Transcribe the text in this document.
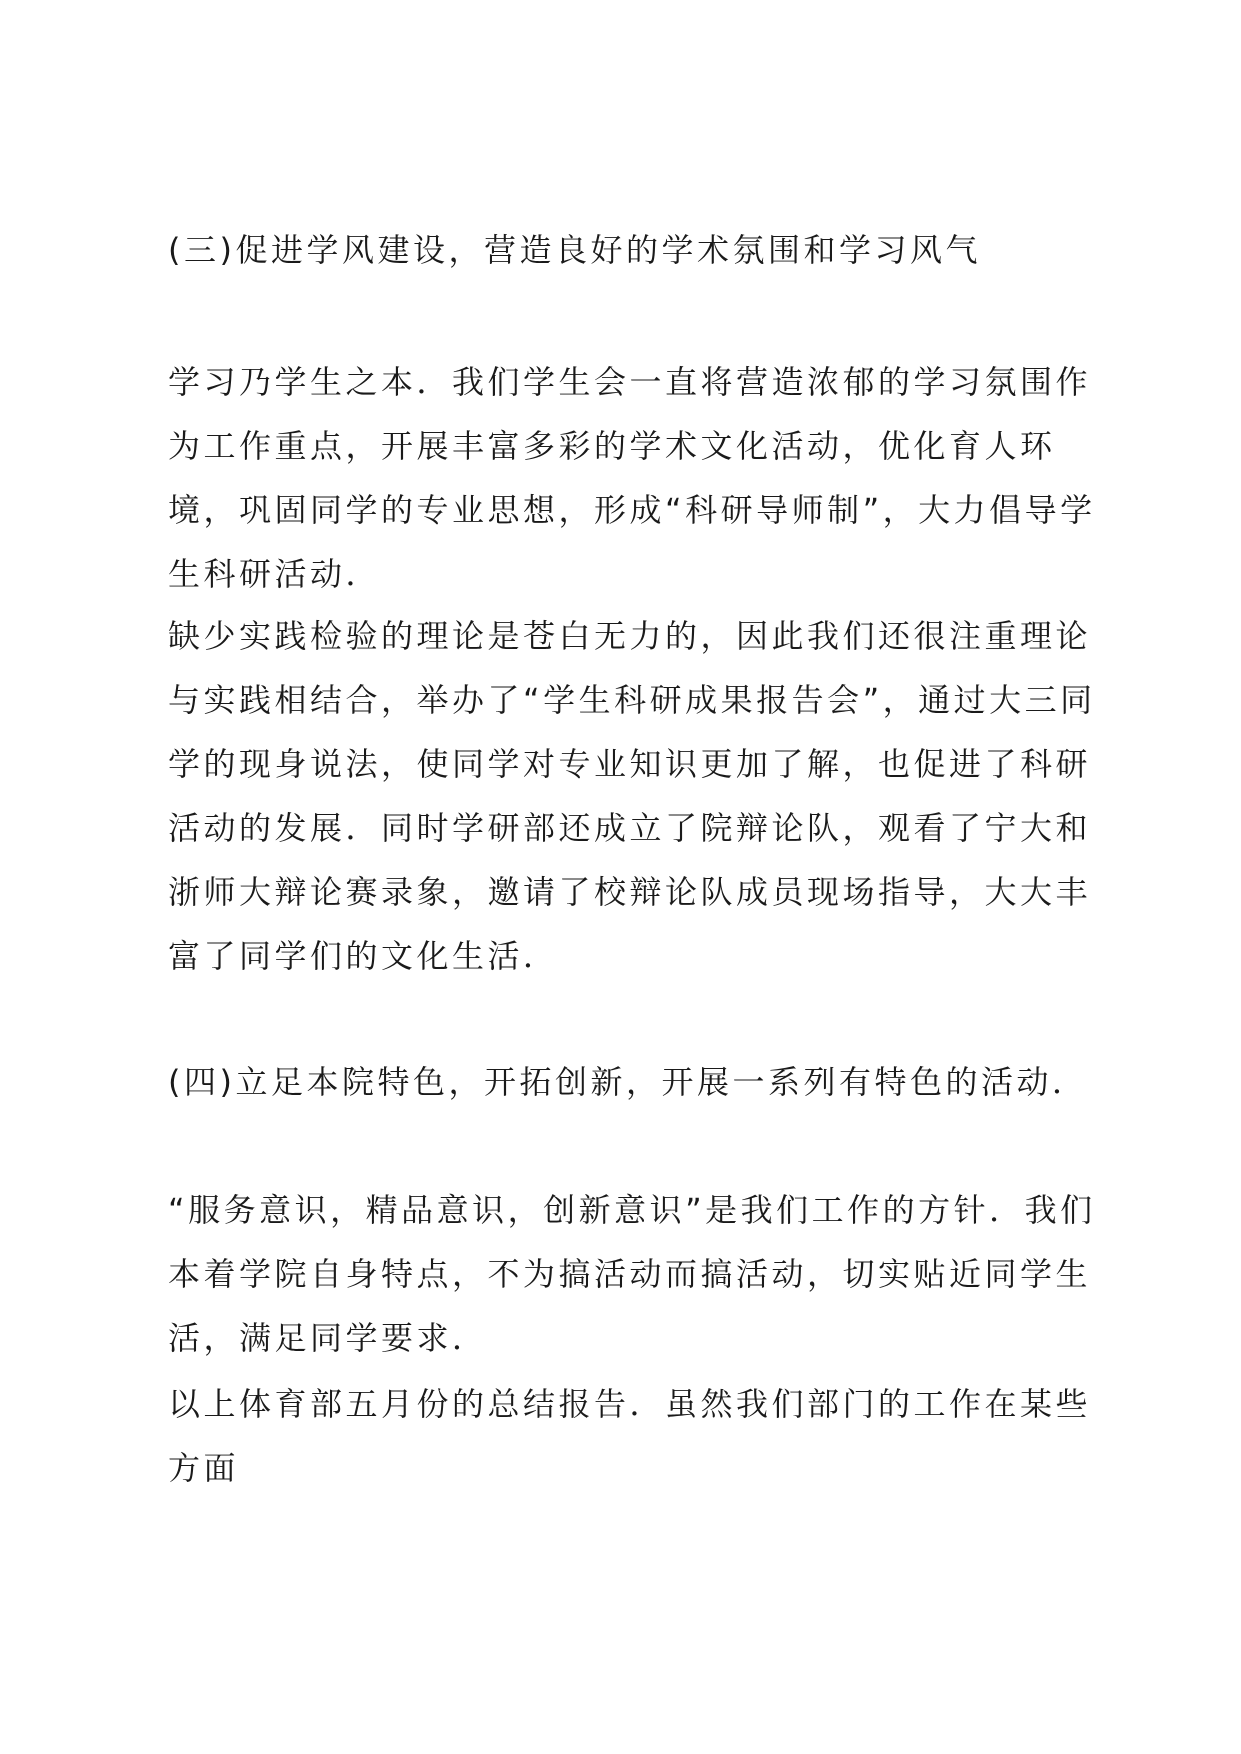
(三)促进学风建设，营造良好的学术氛围和学习风气
学习乃学生之本．我们学生会一直将营造浓郁的学习氛围作为工作重点，开展丰富多彩的学术文化活动，优化育人环境，巩固同学的专业思想，形成“科研导师制”，大力倡导学生科研活动．
缺少实践检验的理论是苍白无力的，因此我们还很注重理论与实践相结合，举办了“学生科研成果报告会”，通过大三同学的现身说法，使同学对专业知识更加了解，也促进了科研活动的发展．同时学研部还成立了院辩论队，观看了宁大和浙师大辩论赛录象，邀请了校辩论队成员现场指导，大大丰富了同学们的文化生活．
(四)立足本院特色，开拓创新，开展一系列有特色的活动．
“服务意识，精品意识，创新意识”是我们工作的方针．我们本着学院自身特点，不为搞活动而搞活动，切实贴近同学生活，满足同学要求．
以上体育部五月份的总结报告．虽然我们部门的工作在某些方面
